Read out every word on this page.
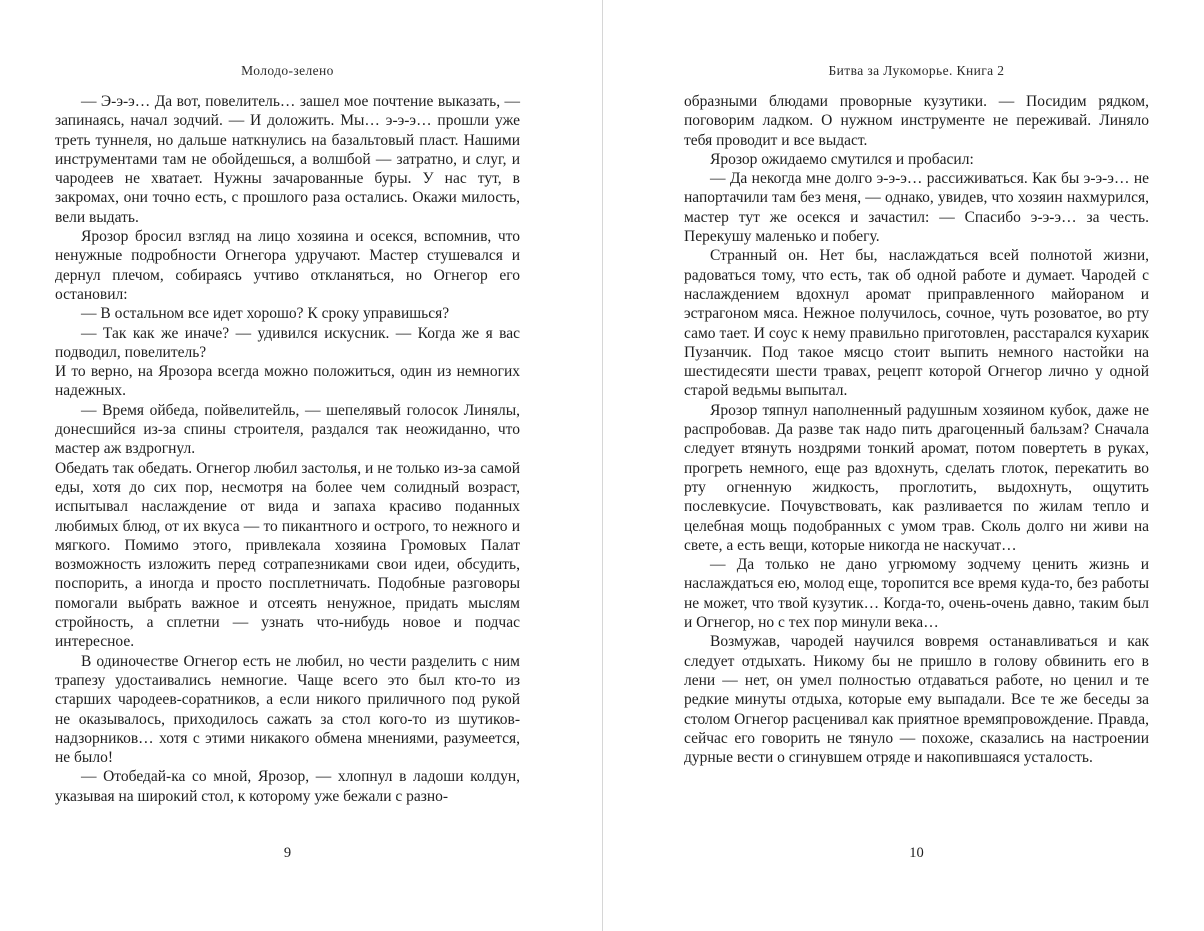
Молодо-зелено

— Э-э-э… Да вот, повелитель… зашел мое почтение выказать, — запинаясь, начал зодчий. — И доложить. Мы… э-э-э… прошли уже треть туннеля, но дальше наткнулись на базальтовый пласт. Нашими инструментами там не обойдешься, а волшбой — затратно, и слуг, и чародеев не хватает. Нужны зачарованные буры. У нас тут, в закромах, они точно есть, с прошлого раза остались. Окажи милость, вели выдать.

Ярозор бросил взгляд на лицо хозяина и осекся, вспомнив, что ненужные подробности Огнегора удручают. Мастер стушевался и дернул плечом, собираясь учтиво откланяться, но Огнегор его остановил:

— В остальном все идет хорошо? К сроку управишься?

— Так как же иначе? — удивился искусник. — Когда же я вас подводил, повелитель?

И то верно, на Ярозора всегда можно положиться, один из немногих надежных.

— Время ойбеда, пойвелитейль, — шепелявый голосок Линялы, донесшийся из-за спины строителя, раздался так неожиданно, что мастер аж вздрогнул.

Обедать так обедать. Огнегор любил застолья, и не только из-за самой еды, хотя до сих пор, несмотря на более чем солидный возраст, испытывал наслаждение от вида и запаха красиво поданных любимых блюд, от их вкуса — то пикантного и острого, то нежного и мягкого. Помимо этого, привлекала хозяина Громовых Палат возможность изложить перед сотрапезниками свои идеи, обсудить, поспорить, а иногда и просто посплетничать. Подобные разговоры помогали выбрать важное и отсеять ненужное, придать мыслям стройность, а сплетни — узнать что-нибудь новое и подчас интересное.

В одиночестве Огнегор есть не любил, но чести разделить с ним трапезу удостаивались немногие. Чаще всего это был кто-то из старших чародеев-соратников, а если никого приличного под рукой не оказывалось, приходилось сажать за стол кого-то из шутиков-надзорников… хотя с этими никакого обмена мнениями, разумеется, не было!

— Отобедай-ка со мной, Ярозор, — хлопнул в ладоши колдун, указывая на широкий стол, к которому уже бежали с разно-

9
Битва за Лукоморье. Книга 2

образными блюдами проворные кузутики. — Посидим рядком, поговорим ладком. О нужном инструменте не переживай. Линяло тебя проводит и все выдаст.

Ярозор ожидаемо смутился и пробасил:

— Да некогда мне долго э-э-э… рассиживаться. Как бы э-э-э… не напортачили там без меня, — однако, увидев, что хозяин нахмурился, мастер тут же осекся и зачастил: — Спасибо э-э-э… за честь. Перекушу маленько и побегу.

Странный он. Нет бы, наслаждаться всей полнотой жизни, радоваться тому, что есть, так об одной работе и думает. Чародей с наслаждением вдохнул аромат приправленного майораном и эстрагоном мяса. Нежное получилось, сочное, чуть розоватое, во рту само тает. И соус к нему правильно приготовлен, расстарался кухарик Пузанчик. Под такое мясцо стоит выпить немного настойки на шестидесяти шести травах, рецепт которой Огнегор лично у одной старой ведьмы выпытал.

Ярозор тяпнул наполненный радушным хозяином кубок, даже не распробовав. Да разве так надо пить драгоценный бальзам? Сначала следует втянуть ноздрями тонкий аромат, потом повертеть в руках, прогреть немного, еще раз вдохнуть, сделать глоток, перекатить во рту огненную жидкость, проглотить, выдохнуть, ощутить послевкусие. Почувствовать, как разливается по жилам тепло и целебная мощь подобранных с умом трав. Сколь долго ни живи на свете, а есть вещи, которые никогда не наскучат…

— Да только не дано угрюмому зодчему ценить жизнь и наслаждаться ею, молод еще, торопится все время куда-то, без работы не может, что твой кузутик… Когда-то, очень-очень давно, таким был и Огнегор, но с тех пор минули века…

Возмужав, чародей научился вовремя останавливаться и как следует отдыхать. Никому бы не пришло в голову обвинить его в лени — нет, он умел полностью отдаваться работе, но ценил и те редкие минуты отдыха, которые ему выпадали. Все те же беседы за столом Огнегор расценивал как приятное времяпровождение. Правда, сейчас его говорить не тянуло — похоже, сказались на настроении дурные вести о сгинувшем отряде и накопившаяся усталость.

10
